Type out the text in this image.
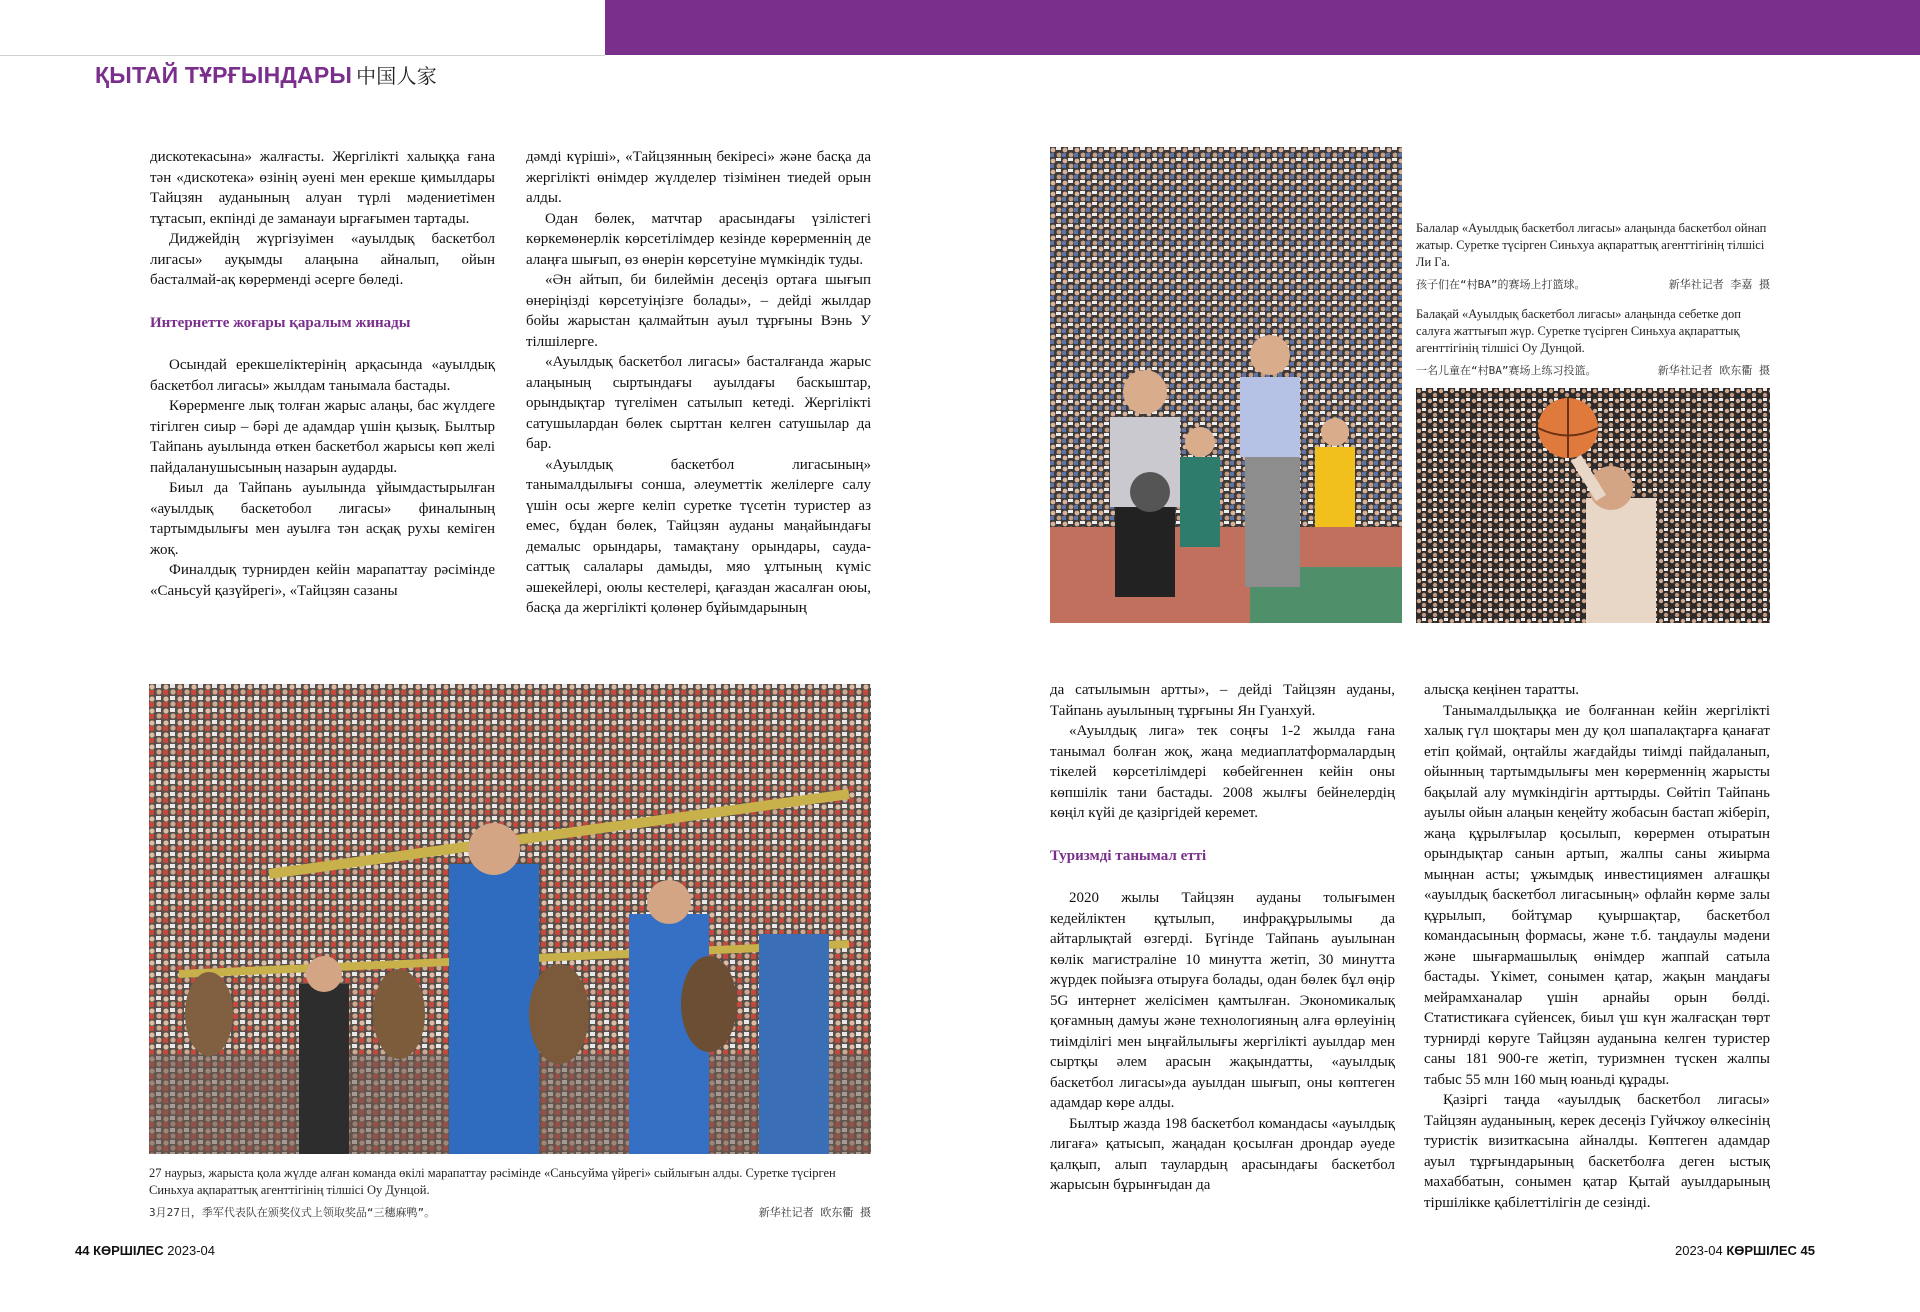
ҚЫТАЙ ТҰРҒЫНДАРЫ 中国人家

дискотекасына» жалғасты. Жергілікті халыққа ғана тән «дискотека» өзінің әуені мен ерекше қимылдары Тайцзян ауданының алуан түрлі мәдениетімен тұтасып, екпінді де заманауи ырғағымен тартады.

Диджейдің жүргізуімен «ауылдық баскетбол лигасы» ауқымды алаңына айналып, ойын басталмай-ақ көрерменді әсерге бөледі.

Интернетте жоғары қаралым жинады

Осындай ерекшеліктерінің арқасында «ауылдық баскетбол лигасы» жылдам танымала бастады.

Көрерменге лық толған жарыс алаңы, бас жүлдеге тігілген сиыр – бәрі де адамдар үшін қызық. Былтыр Тайпань ауылында өткен баскетбол жарысы көп желі пайдаланушысының назарын аударды.

Биыл да Тайпань ауылында ұйымдастырылған «ауылдық баскетобол лигасы» финалының тартымдылығы мен ауылға тән асқақ рухы кеміген жоқ.

Финалдық турнирден кейін марапаттау рәсімінде «Саньсуй қазүйрегі», «Тайцзян сазаны

дәмді күріші», «Тайцзянның бекіресі» және басқа да жергілікті өнімдер жүлделер тізімінен тиедей орын алды.

Одан бөлек, матчтар арасындағы үзілістегі көркемөнерлік көрсетілімдер кезінде көрерменнің де алаңға шығып, өз өнерін көрсетуіне мүмкіндік туды.

«Ән айтып, би билеймін десеңіз ортаға шығып өнеріңізді көрсетуіңізге болады», – дейді жылдар бойы жарыстан қалмайтын ауыл тұрғыны Вэнь У тілшілерге.

«Ауылдық баскетбол лигасы» басталғанда жарыс алаңының сыртындағы ауылдағы баскыштар, орындықтар түгелімен сатылып кетеді. Жергілікті сатушылардан бөлек сырттан келген сатушылар да бар.

«Ауылдық баскетбол лигасының» танымалдылығы соншa, әлеуметтік желілерге салу үшін осы жерге келіп суретке түсетін туристер аз емес, бұдан бөлек, Тайцзян ауданы маңайындағы демалыс орындары, тамақтану орындары, сауда-саттық салалары дамыды, мяо ұлтының күміс әшекейлері, оюлы кестелері, қағаздан жасалған оюы, басқа да жергілікті қолөнер бұйымдарының

27 наурыз, жарыста қола жүлде алған команда өкілі марапаттау рәсімінде «Саньсуйма үйрегі» сыйлығын алды. Суретке түсірген Синьхуа ақпараттық агенттігінің тілшісі Оу Дунцой.
3月27日，季军代表队在颁奖仪式上领取奖品“三穗麻鸭”。	新华社记者 欧东衢 摄
Балалар «Ауылдық баскетбол лигасы» алаңында баскетбол ойнап жатыр. Суретке түсірген Синьхуа ақпараттық агенттігінің тілшісі Ли Га.
孩子们在“村BA”的赛场上打篮球。	新华社记者 李嘉 摄
Балақай «Ауылдық баскетбол лигасы» алаңында себетке доп салуға жаттығып жүр. Суретке түсірген Синьхуа ақпараттық агенттігінің тілшісі Оу Дунцой.
一名儿童在“村BA”赛场上练习投篮。	新华社记者 欧东衢 摄

да сатылымын артты», – дейді Тайцзян ауданы, Тайпань ауылының тұрғыны Ян Гуанхуй.

«Ауылдық лига» тек соңғы 1-2 жылда ғана танымал болған жоқ, жаңа медиаплатформалардың тікелей көрсетілімдері көбейгеннен кейін оны көпшілік тани бастады. 2008 жылғы бейнелердің көңіл күйі де қазіргідей керемет.

Туризмді танымал етті

2020 жылы Тайцзян ауданы толығымен кедейліктен құтылып, инфрақұрылымы да айтарлықтай өзгерді. Бүгінде Тайпань ауылынан көлік магистраліне 10 минутта жетіп, 30 минутта жүрдек пойызға отыруға болады, одан бөлек бұл өңір 5G интернет желісімен қамтылған. Экономикалық қоғамның дамуы және технологияның алға өрлеуінің тиімділігі мен ыңғайлылығы жергілікті ауылдар мен сыртқы әлем арасын жақындатты, «ауылдық баскетбол лигасы»да ауылдан шығып, оны көптеген адамдар көре алды.

Былтыр жазда 198 баскетбол командасы «ауылдық лигаға» қатысып, жаңадан қосылған дрондар әуеде қалқып, алып таулардың арасындағы баскетбол жарысын бұрынғыдан да

алысқа кеңінен таратты.

Танымалдылыққа ие болғаннан кейін жергілікті халық гүл шоқтары мен ду қол шапалақтарға қанағат етіп қоймай, оңтайлы жағдайды тиімді пайдаланып, ойынның тартымдылығы мен көрерменнің жарысты бақылай алу мүмкіндігін арттырды. Сөйтіп Тайпань ауылы ойын алаңын кеңейту жобасын бастап жіберіп, жаңа құрылғылар қосылып, көрермен отыратын орындықтар санын артып, жалпы саны жиырма мыңнан асты; ұжымдық инвестициямен алғашқы «ауылдық баскетбол лигасының» офлайн көрме залы құрылып, бойтұмар қуыршақтар, баскетбол командасының формасы, және т.б. таңдаулы мәдени және шығармашылық өнімдер жаппай сатыла бастады. Үкімет, сонымен қатар, жақын маңдағы мейрамханалар үшін арнайы орын бөлді. Статистикаға сүйенсек, биыл үш күн жалғасқан төрт турнирді көруге Тайцзян ауданына келген туристер саны 181 900-ге жетіп, туризмнен түскен жалпы табыс 55 млн 160 мың юаньді құрады.

Қазіргі таңда «ауылдық баскетбол лигасы» Тайцзян ауданының, керек десеңіз Гуйчжоу өлкесінің туристік визиткасына айналды. Көптеген адамдар ауыл тұрғындарының баскетболға деген ыстық махаббатын, сонымен қатар Қытай ауылдарының тіршілікке қабілеттілігін де сезінді.

44 КӨРШІЛЕС 2023-04	2023-04 КӨРШІЛЕС 45
